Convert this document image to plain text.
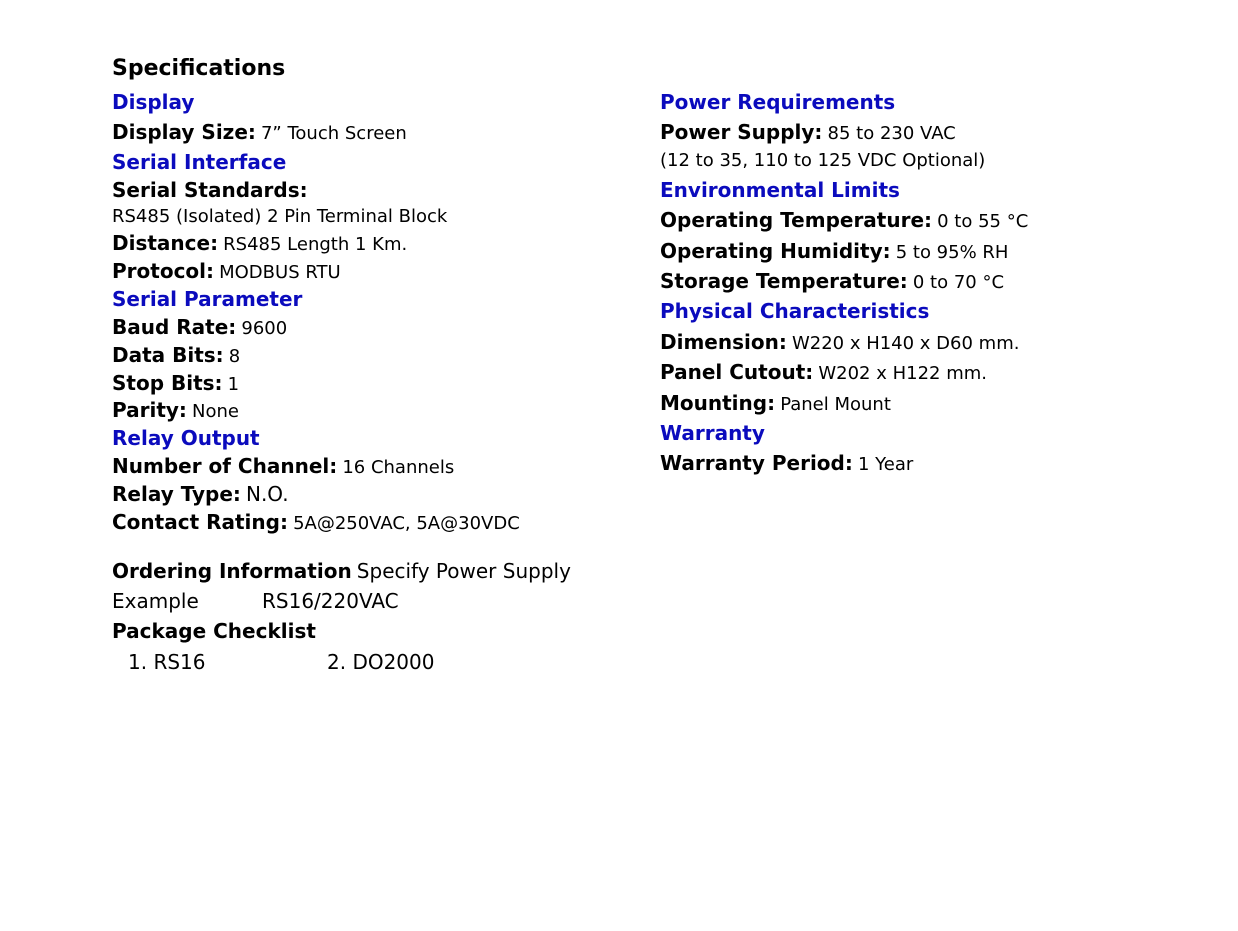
Specifications
Display
Display Size: 7” Touch Screen
Serial Interface
Serial Standards:
RS485 (Isolated) 2 Pin Terminal Block
Distance: RS485 Length 1 Km.
Protocol: MODBUS RTU
Serial Parameter
Baud Rate: 9600
Data Bits: 8
Stop Bits: 1
Parity: None
Relay Output
Number of Channel: 16 Channels
Relay Type: N.O.
Contact Rating: 5A@250VAC, 5A@30VDC
Ordering Information Specify Power Supply
Example	RS16/220VAC
Package Checklist
1. RS16	2. DO2000
Power Requirements
Power Supply: 85 to 230 VAC
(12 to 35, 110 to 125 VDC Optional)
Environmental Limits
Operating Temperature: 0 to 55 °C
Operating Humidity: 5 to 95% RH
Storage Temperature: 0 to 70 °C
Physical Characteristics
Dimension: W220 x H140 x D60 mm.
Panel Cutout: W202 x H122 mm.
Mounting: Panel Mount
Warranty
Warranty Period: 1 Year
